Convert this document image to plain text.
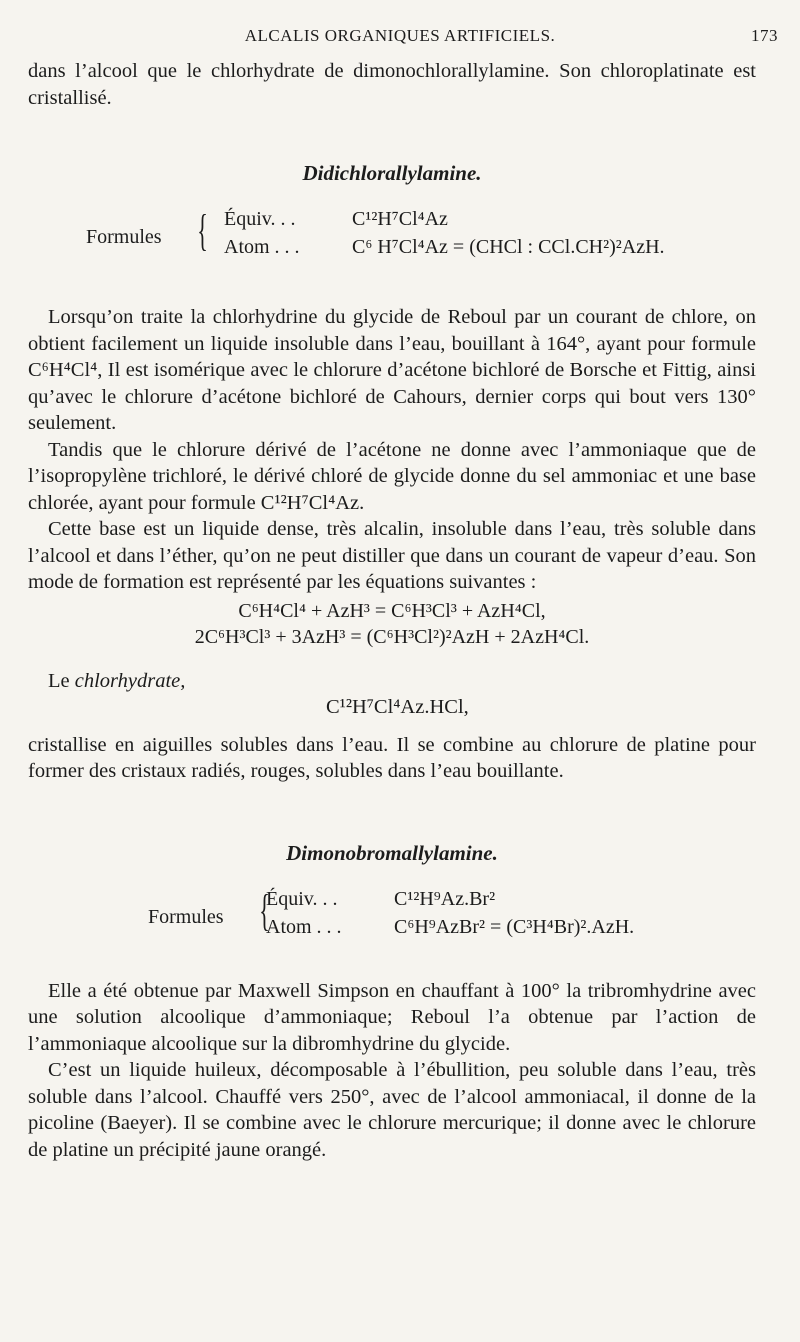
ALCALIS ORGANIQUES ARTIFICIELS.	173

dans l’alcool que le chlorhydrate de dimonochlorallylamine. Son chloroplatinate est cristallisé.

Didichlorallylamine.
Formules { Équiv. . .	C¹²H⁷Cl⁴Az
Atom . . .	C⁶ H⁷Cl⁴Az = (CHCl : CCl.CH²)²AzH.

Lorsqu’on traite la chlorhydrine du glycide de Reboul par un courant de chlore, on obtient facilement un liquide insoluble dans l’eau, bouillant à 164°, ayant pour formule C⁶H⁴Cl⁴, Il est isomérique avec le chlorure d’acétone bichloré de Borsche et Fittig, ainsi qu’avec le chlorure d’acétone bichloré de Cahours, dernier corps qui bout vers 130° seulement.

Tandis que le chlorure dérivé de l’acétone ne donne avec l’ammoniaque que de l’isopropylène trichloré, le dérivé chloré de glycide donne du sel ammoniac et une base chlorée, ayant pour formule C¹²H⁷Cl⁴Az.

Cette base est un liquide dense, très alcalin, insoluble dans l’eau, très soluble dans l’alcool et dans l’éther, qu’on ne peut distiller que dans un courant de vapeur d’eau. Son mode de formation est représenté par les équations suivantes :

C⁶H⁴Cl⁴ + AzH³ = C⁶H³Cl³ + AzH⁴Cl,

2C⁶H³Cl³ + 3AzH³ = (C⁶H³Cl²)²AzH + 2AzH⁴Cl.

Le chlorhydrate,
C¹²H⁷Cl⁴Az.HCl,

cristallise en aiguilles solubles dans l’eau. Il se combine au chlorure de platine pour former des cristaux radiés, rouges, solubles dans l’eau bouillante.

Dimonobromallylamine.
Formules {
Équiv. . .	C¹²H⁹Az.Br²
Atom . . .	C⁶H⁹AzBr² = (C³H⁴Br)².AzH.

Elle a été obtenue par Maxwell Simpson en chauffant à 100° la tribromhydrine avec une solution alcoolique d’ammoniaque; Reboul l’a obtenue par l’action de l’ammoniaque alcoolique sur la dibromhydrine du glycide.

C’est un liquide huileux, décomposable à l’ébullition, peu soluble dans l’eau, très soluble dans l’alcool. Chauffé vers 250°, avec de l’alcool ammoniacal, il donne de la picoline (Baeyer). Il se combine avec le chlorure mercurique; il donne avec le chlorure de platine un précipité jaune orangé.
